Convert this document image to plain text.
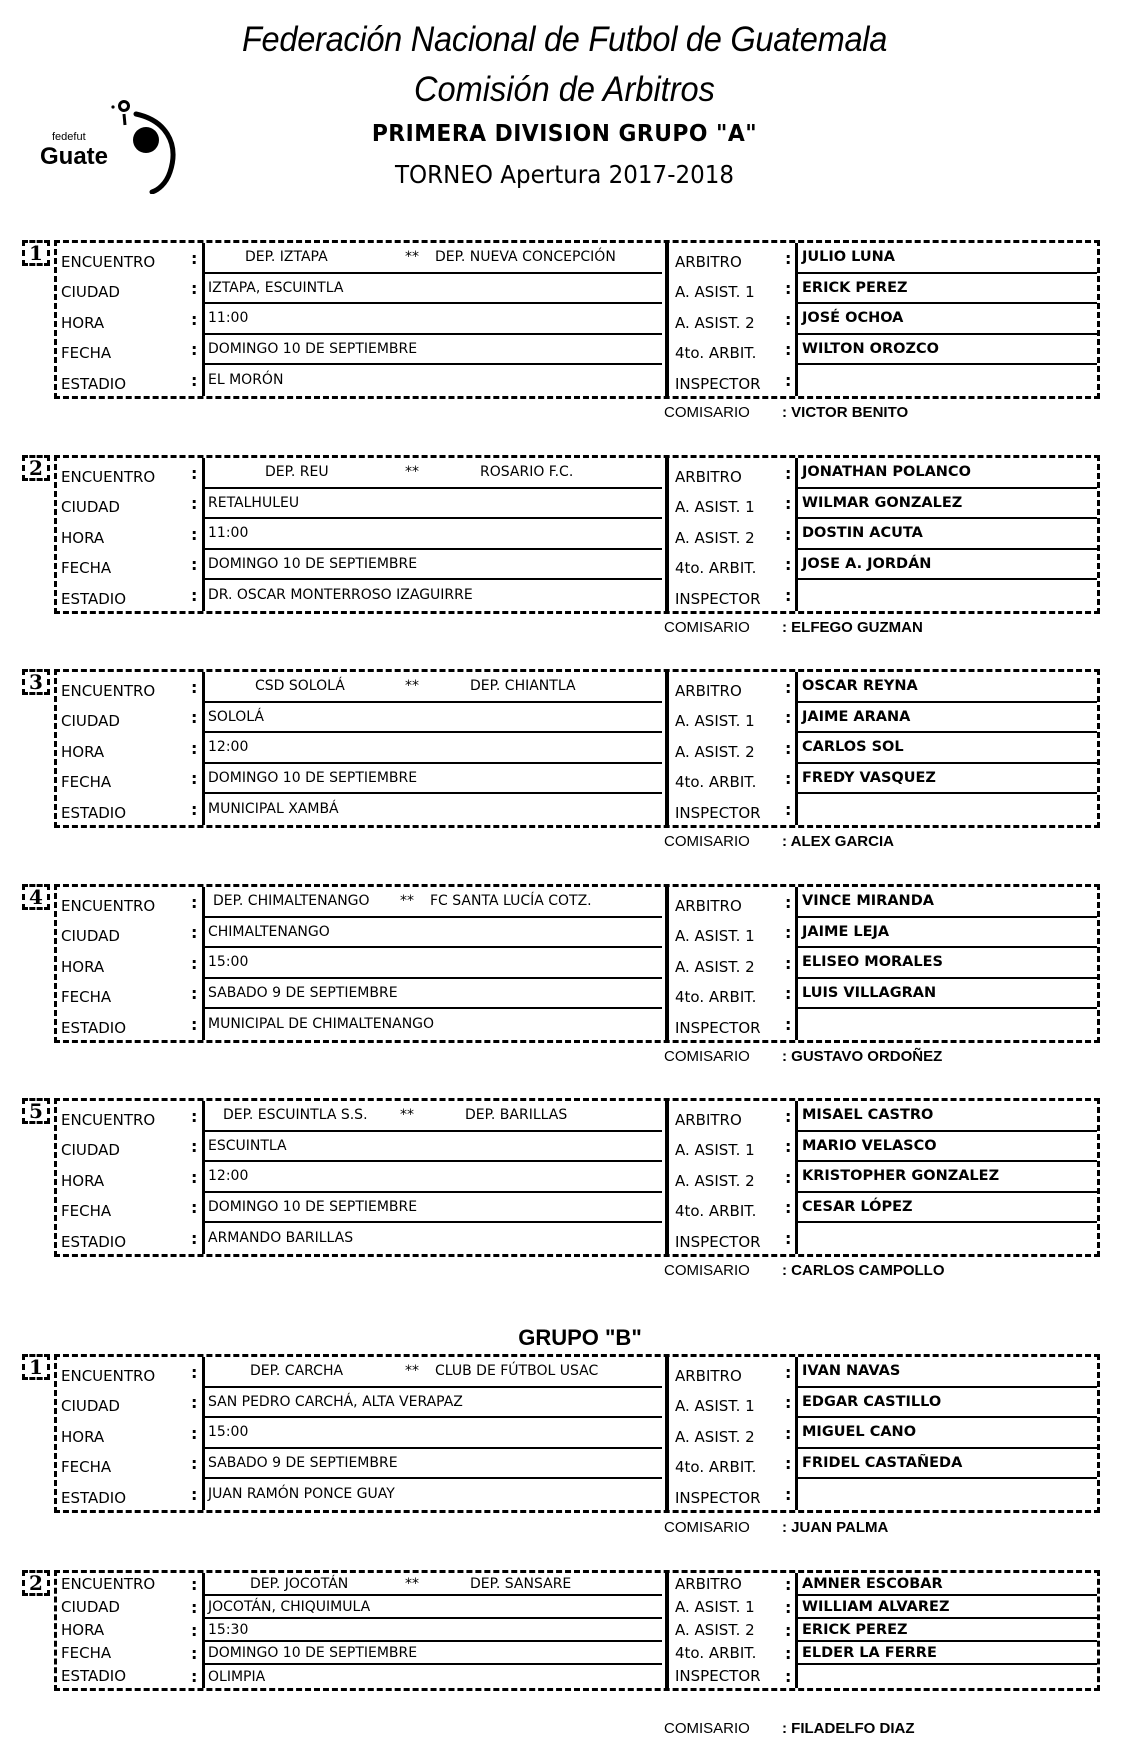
Federación Nacional de Futbol de Guatemala
Comisión de Arbitros
PRIMERA DIVISION GRUPO "A"
TORNEO Apertura 2017-2018
fedefut
Guate
1	ENCUENTRO	:	DEP. IZTAPA	** DEP. NUEVA CONCEPCIÓN	ARBITRO	: JULIO LUNA
CIUDAD	: IZTAPA, ESCUINTLA	A. ASIST. 1	: ERICK PEREZ
HORA	: 11:00	A. ASIST. 2	: JOSÉ OCHOA
FECHA	: DOMINGO 10 DE SEPTIEMBRE	4to. ARBIT.	: WILTON OROZCO
ESTADIO	: EL MORÓN	INSPECTOR	:
COMISARIO : VICTOR BENITO
2	ENCUENTRO	:	DEP. REU	**	ROSARIO F.C.	ARBITRO	: JONATHAN POLANCO
CIUDAD	: RETALHULEU	A. ASIST. 1	: WILMAR GONZALEZ
HORA	: 11:00	A. ASIST. 2	: DOSTIN ACUTA
FECHA	: DOMINGO 10 DE SEPTIEMBRE	4to. ARBIT.	: JOSE A. JORDÁN
ESTADIO	: DR. OSCAR MONTERROSO IZAGUIRRE	INSPECTOR	:
COMISARIO : ELFEGO GUZMAN
3	ENCUENTRO	:	CSD SOLOLÁ	**	DEP. CHIANTLA	ARBITRO	: OSCAR REYNA
CIUDAD	: SOLOLÁ	A. ASIST. 1	: JAIME ARANA
HORA	: 12:00	A. ASIST. 2	: CARLOS SOL
FECHA	: DOMINGO 10 DE SEPTIEMBRE	4to. ARBIT.	: FREDY VASQUEZ
ESTADIO	: MUNICIPAL XAMBÁ	INSPECTOR	:
COMISARIO : ALEX GARCIA
4	ENCUENTRO	: DEP. CHIMALTENANGO ** FC SANTA LUCÍA COTZ.	ARBITRO	: VINCE MIRANDA
CIUDAD	: CHIMALTENANGO	A. ASIST. 1	: JAIME LEJA
HORA	: 15:00	A. ASIST. 2	: ELISEO MORALES
FECHA	: SABADO 9 DE SEPTIEMBRE	4to. ARBIT.	: LUIS VILLAGRAN
ESTADIO	: MUNICIPAL DE CHIMALTENANGO	INSPECTOR	:
COMISARIO : GUSTAVO ORDOÑEZ
5	ENCUENTRO	: DEP. ESCUINTLA S.S. **	DEP. BARILLAS	ARBITRO	: MISAEL CASTRO
CIUDAD	: ESCUINTLA	A. ASIST. 1	: MARIO VELASCO
HORA	: 12:00	A. ASIST. 2	: KRISTOPHER GONZALEZ
FECHA	: DOMINGO 10 DE SEPTIEMBRE	4to. ARBIT.	: CESAR LÓPEZ
ESTADIO	: ARMANDO BARILLAS	INSPECTOR	:
COMISARIO : CARLOS CAMPOLLO
1	ENCUENTRO	:	DEP. CARCHA	** CLUB DE FÚTBOL USAC	ARBITRO	: IVAN NAVAS
CIUDAD	: SAN PEDRO CARCHÁ, ALTA VERAPAZ	A. ASIST. 1	: EDGAR CASTILLO
HORA	: 15:00	A. ASIST. 2	: MIGUEL CANO
FECHA	: SABADO 9 DE SEPTIEMBRE	4to. ARBIT.	: FRIDEL CASTAÑEDA
ESTADIO	: JUAN RAMÓN PONCE GUAY	INSPECTOR	:
COMISARIO : JUAN PALMA
2	ENCUENTRO	:	DEP. JOCOTÁN	**	DEP. SANSARE	ARBITRO	: AMNER ESCOBAR
CIUDAD	: JOCOTÁN, CHIQUIMULA	A. ASIST. 1	: WILLIAM ALVAREZ
HORA	: 15:30	A. ASIST. 2	: ERICK PEREZ
FECHA	: DOMINGO 10 DE SEPTIEMBRE	4to. ARBIT.	: ELDER LA FERRE
ESTADIO	: OLIMPIA	INSPECTOR	:
COMISARIO : FILADELFO DIAZ
GRUPO "B"
